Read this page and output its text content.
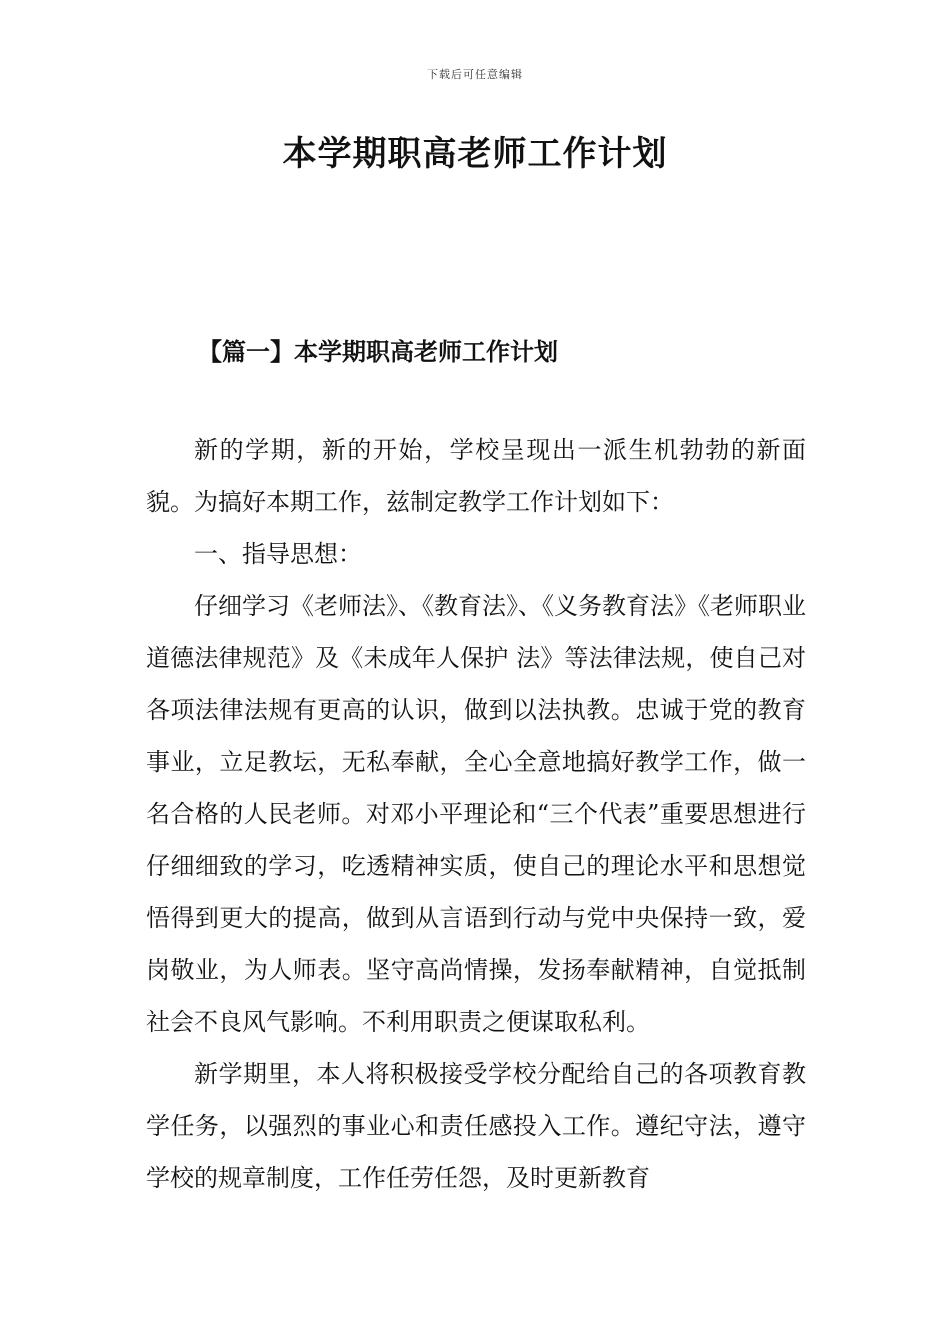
下载后可任意编辑
本学期职高老师工作计划
【篇一】本学期职高老师工作计划

新的学期，新的开始，学校呈现出一派生机勃勃的新面貌。为搞好本期工作，兹制定教学工作计划如下：

一、指导思想：

仔细学习《老师法》、《教育法》、《义务教育法》《老师职业道德法律规范》及《未成年人保护 法》等法律法规，使自己对各项法律法规有更高的认识，做到以法执教。忠诚于党的教育事业，立足教坛，无私奉献，全心全意地搞好教学工作，做一名合格的人民老师。对邓小平理论和“三个代表”重要思想进行仔细细致的学习，吃透精神实质，使自己的理论水平和思想觉悟得到更大的提高，做到从言语到行动与党中央保持一致，爱岗敬业，为人师表。坚守高尚情操，发扬奉献精神，自觉抵制社会不良风气影响。不利用职责之便谋取私利。

新学期里，本人将积极接受学校分配给自己的各项教育教学任务，以强烈的事业心和责任感投入工作。遵纪守法，遵守学校的规章制度，工作任劳任怨，及时更新教育
